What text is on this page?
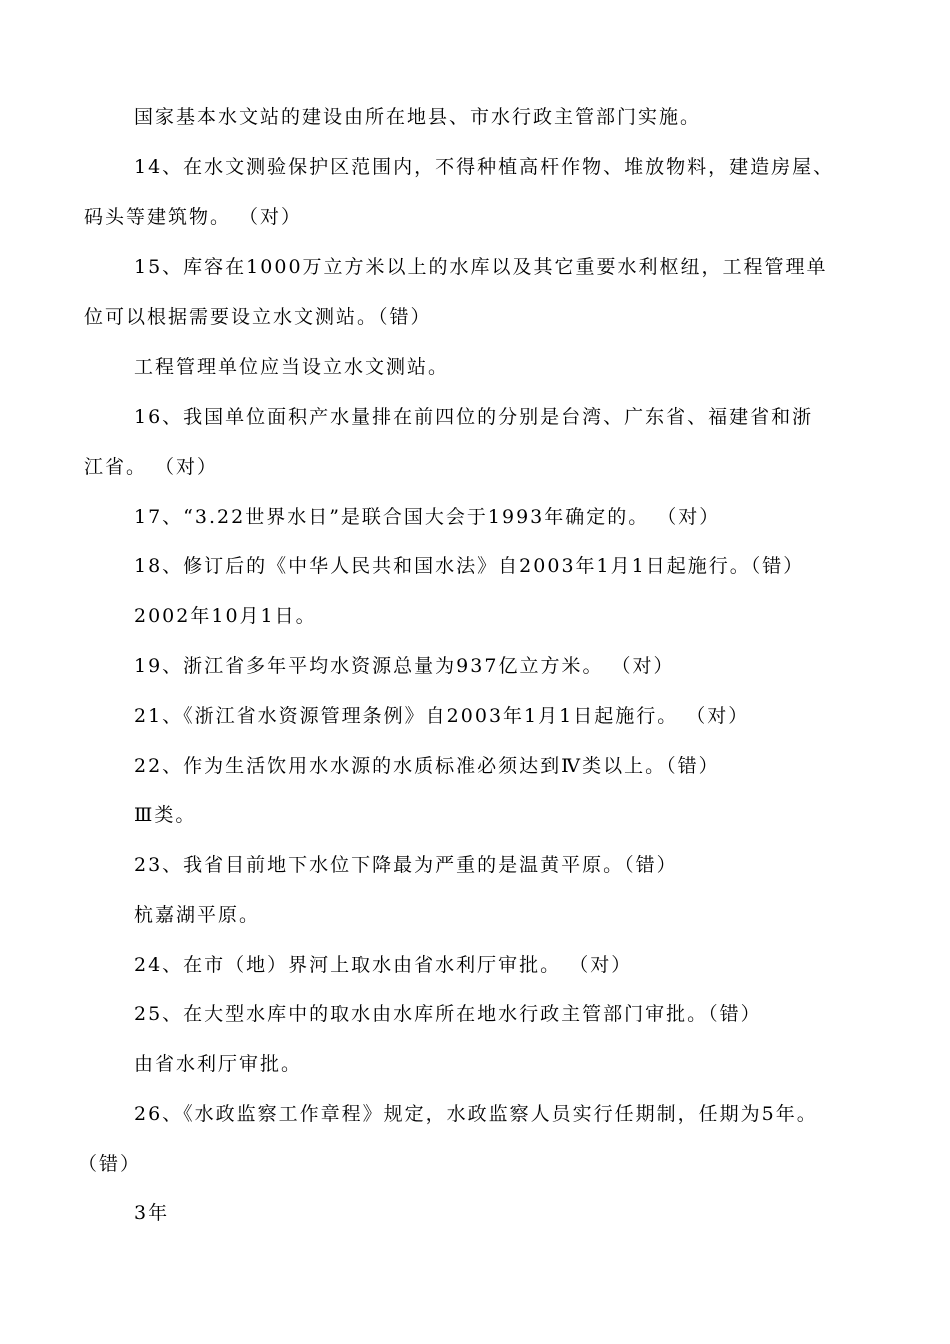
国家基本水文站的建设由所在地县、市水行政主管部门实施。
14、在水文测验保护区范围内，不得种植高杆作物、堆放物料，建造房屋、
码头等建筑物。 （对）
15、库容在1000万立方米以上的水库以及其它重要水利枢纽，工程管理单
位可以根据需要设立水文测站。（错）
工程管理单位应当设立水文测站。
16、我国单位面积产水量排在前四位的分别是台湾、广东省、福建省和浙
江省。 （对）
17、“3.22世界水日”是联合国大会于1993年确定的。 （对）
18、修订后的《中华人民共和国水法》自2003年1月1日起施行。（错）
2002年10月1日。
19、浙江省多年平均水资源总量为937亿立方米。 （对）
21、《浙江省水资源管理条例》自2003年1月1日起施行。 （对）
22、作为生活饮用水水源的水质标准必须达到Ⅳ类以上。（错）
Ⅲ类。
23、我省目前地下水位下降最为严重的是温黄平原。（错）
杭嘉湖平原。
24、在市（地）界河上取水由省水利厅审批。 （对）
25、在大型水库中的取水由水库所在地水行政主管部门审批。（错）
由省水利厅审批。
26、《水政监察工作章程》规定，水政监察人员实行任期制，任期为5年。
（错）
3年
